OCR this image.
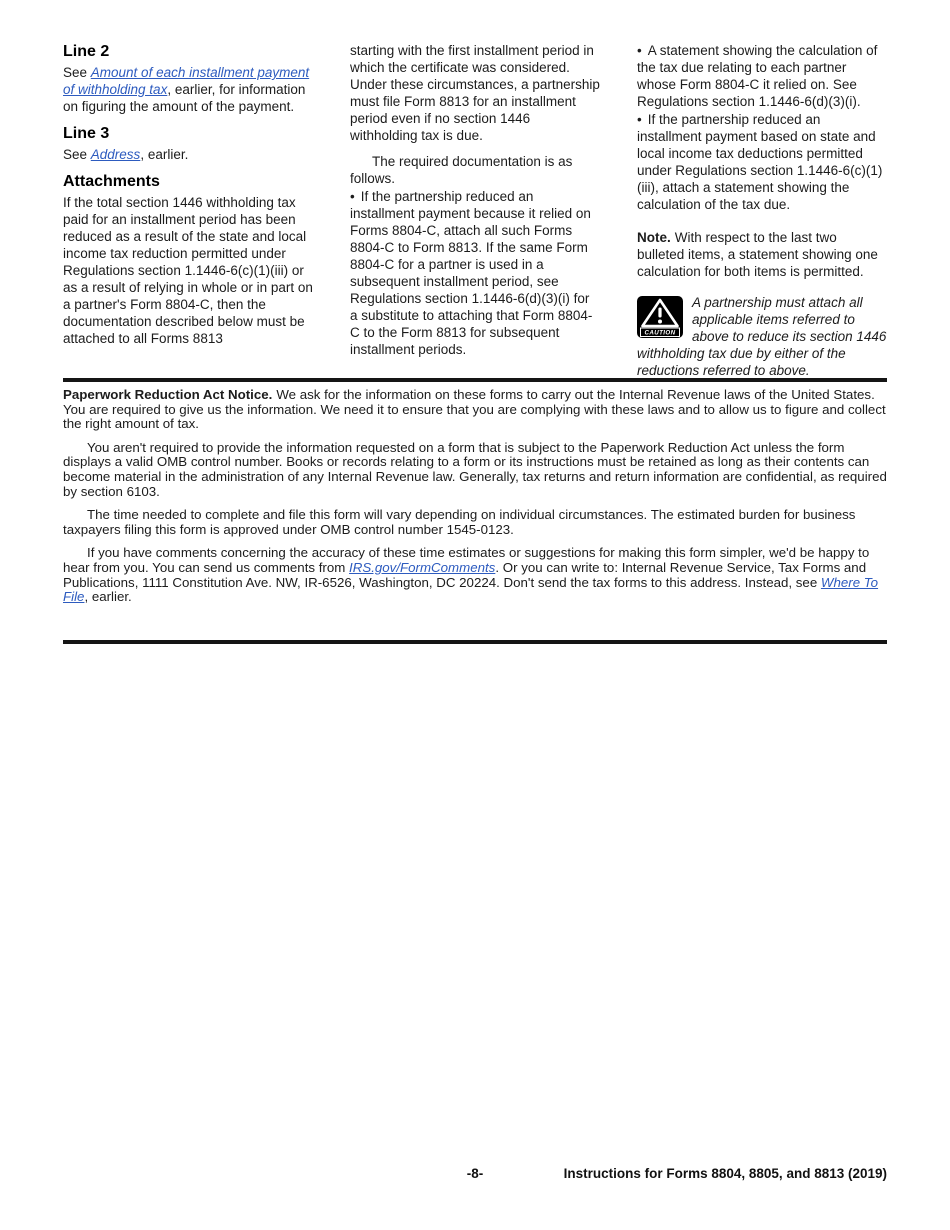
Line 2

See Amount of each installment payment of withholding tax, earlier, for information on figuring the amount of the payment.

Line 3

See Address, earlier.

Attachments

If the total section 1446 withholding tax paid for an installment period has been reduced as a result of the state and local income tax reduction permitted under Regulations section 1.1446-6(c)(1)(iii) or as a result of relying in whole or in part on a partner's Form 8804-C, then the documentation described below must be attached to all Forms 8813

starting with the first installment period in which the certificate was considered. Under these circumstances, a partnership must file Form 8813 for an installment period even if no section 1446 withholding tax is due.

The required documentation is as follows.

• If the partnership reduced an installment payment because it relied on Forms 8804-C, attach all such Forms 8804-C to Form 8813. If the same Form 8804-C for a partner is used in a subsequent installment period, see Regulations section 1.1446-6(d)(3)(i) for a substitute to attaching that Form 8804-C to the Form 8813 for subsequent installment periods.

• A statement showing the calculation of the tax due relating to each partner whose Form 8804-C it relied on. See Regulations section 1.1446-6(d)(3)(i).

• If the partnership reduced an installment payment based on state and local income tax deductions permitted under Regulations section 1.1446-6(c)(1)(iii), attach a statement showing the calculation of the tax due.

Note. With respect to the last two bulleted items, a statement showing one calculation for both items is permitted.

CAUTION
A partnership must attach all applicable items referred to above to reduce its section 1446 withholding tax due by either of the reductions referred to above.

Paperwork Reduction Act Notice. We ask for the information on these forms to carry out the Internal Revenue laws of the United States. You are required to give us the information. We need it to ensure that you are complying with these laws and to allow us to figure and collect the right amount of tax.

You aren't required to provide the information requested on a form that is subject to the Paperwork Reduction Act unless the form displays a valid OMB control number. Books or records relating to a form or its instructions must be retained as long as their contents can become material in the administration of any Internal Revenue law. Generally, tax returns and return information are confidential, as required by section 6103.

The time needed to complete and file this form will vary depending on individual circumstances. The estimated burden for business taxpayers filing this form is approved under OMB control number 1545-0123.

If you have comments concerning the accuracy of these time estimates or suggestions for making this form simpler, we'd be happy to hear from you. You can send us comments from IRS.gov/FormComments. Or you can write to: Internal Revenue Service, Tax Forms and Publications, 1111 Constitution Ave. NW, IR-6526, Washington, DC 20224. Don't send the tax forms to this address. Instead, see Where To File, earlier.

-8-	Instructions for Forms 8804, 8805, and 8813 (2019)
